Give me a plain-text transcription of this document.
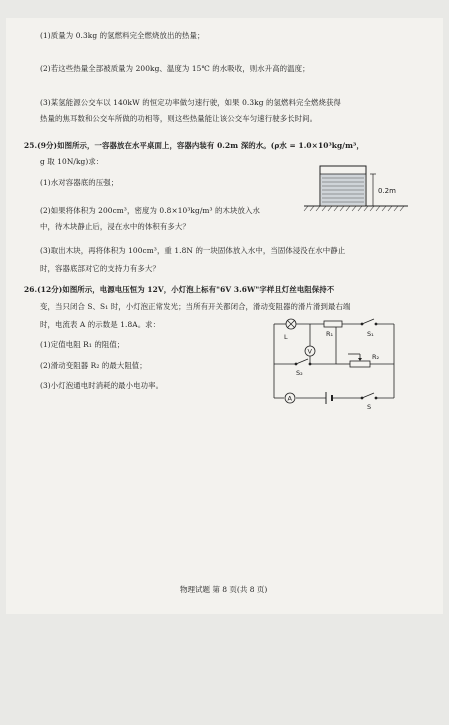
(1)质量为 0.3kg 的氢燃料完全燃烧放出的热量；
(2)若这些热量全部被质量为 200kg、温度为 15℃ 的水吸收，则水升高的温度；
(3)某氢能源公交车以 140kW 的恒定功率做匀速行驶，如果 0.3kg 的氢燃料完全燃烧获得
热量的焦耳数和公交车所做的功相等，则这些热量能让该公交车匀速行驶多长时间。
25.(9分)如图所示，一容器放在水平桌面上，容器内装有 0.2m 深的水。(ρ水 = 1.0×10³kg/m³，
g 取 10N/kg)求：
(1)水对容器底的压强；
(2)如果将体积为 200cm³，密度为 0.8×10³kg/m³ 的木块放入水
中，待木块静止后，浸在水中的体积有多大？
(3)取出木块，再将体积为 100cm³，重 1.8N 的一块固体放入水中，当固体浸没在水中静止
时，容器底部对它的支持力有多大？
0.2m
26.(12分)如图所示，电源电压恒为 12V，小灯泡上标有"6V 3.6W"字样且灯丝电阻保持不
变，当只闭合 S、S₁ 时，小灯泡正常发光；当所有开关都闭合，滑动变阻器的滑片滑到最右端
时，电流表 A 的示数是 1.8A。求：
(1)定值电阻 R₁ 的阻值；
(2)滑动变阻器 R₂ 的最大阻值；
(3)小灯泡通电时消耗的最小电功率。
V
A
L	R₁	S₁
S₂
R₂
S
物理试题 第 8 页(共 8 页)
